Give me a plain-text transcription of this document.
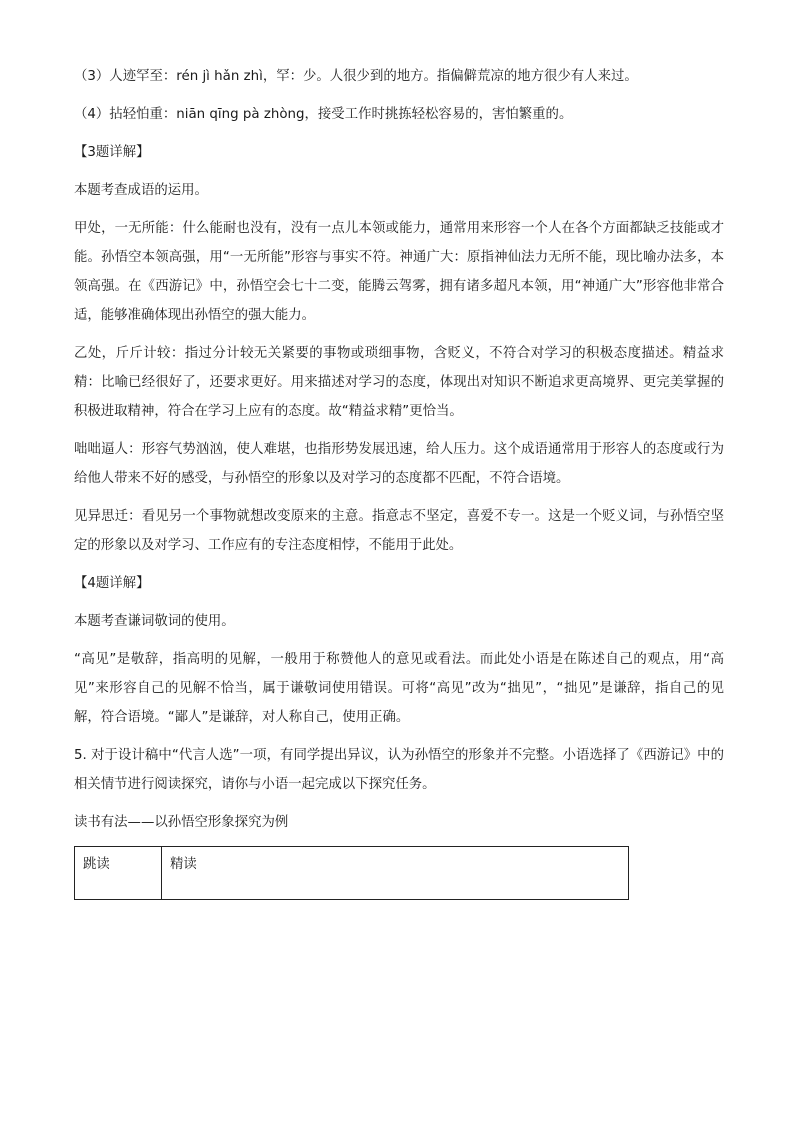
（3）人迹罕至：rén jì hǎn zhì，罕：少。人很少到的地方。指偏僻荒凉的地方很少有人来过。

（4）拈轻怕重：niān qīng pà zhòng，接受工作时挑拣轻松容易的，害怕繁重的。

【3题详解】

本题考查成语的运用。

甲处，一无所能：什么能耐也没有，没有一点儿本领或能力，通常用来形容一个人在各个方面都缺乏技能或才能。孙悟空本领高强，用“一无所能”形容与事实不符。神通广大：原指神仙法力无所不能，现比喻办法多，本领高强。在《西游记》中，孙悟空会七十二变，能腾云驾雾，拥有诸多超凡本领，用“神通广大”形容他非常合适，能够准确体现出孙悟空的强大能力。

乙处，斤斤计较：指过分计较无关紧要的事物或琐细事物，含贬义，不符合对学习的积极态度描述。精益求精：比喻已经很好了，还要求更好。用来描述对学习的态度，体现出对知识不断追求更高境界、更完美掌握的积极进取精神，符合在学习上应有的态度。故“精益求精”更恰当。

咄咄逼人：形容气势汹汹，使人难堪，也指形势发展迅速，给人压力。这个成语通常用于形容人的态度或行为给他人带来不好的感受，与孙悟空的形象以及对学习的态度都不匹配，不符合语境。

见异思迁：看见另一个事物就想改变原来的主意。指意志不坚定，喜爱不专一。这是一个贬义词，与孙悟空坚定的形象以及对学习、工作应有的专注态度相悖，不能用于此处。

【4题详解】

本题考查谦词敬词的使用。

“高见”是敬辞，指高明的见解，一般用于称赞他人的意见或看法。而此处小语是在陈述自己的观点，用“高见”来形容自己的见解不恰当，属于谦敬词使用错误。可将“高见”改为“拙见”，“拙见”是谦辞，指自己的见解，符合语境。“鄙人”是谦辞，对人称自己，使用正确。

5. 对于设计稿中“代言人选”一项，有同学提出异议，认为孙悟空的形象并不完整。小语选择了《西游记》中的相关情节进行阅读探究，请你与小语一起完成以下探究任务。

读书有法——以孙悟空形象探究为例

跳读	精读
